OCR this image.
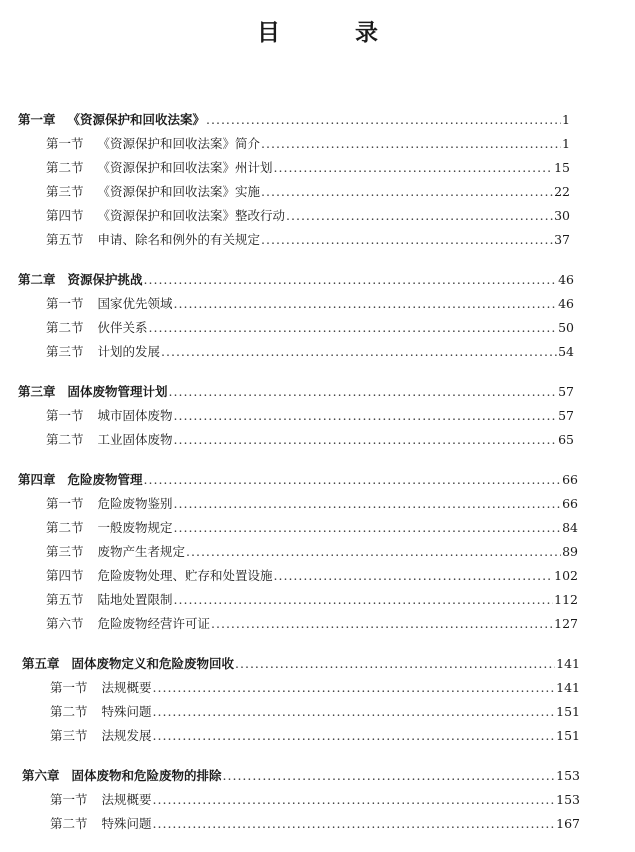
目　录
第一章 《资源保护和回收法案》 .....	1
第一节 《资源保护和回收法案》简介 .....	1
第二节 《资源保护和回收法案》州计划 .....	15
第三节 《资源保护和回收法案》实施 .....	22
第四节 《资源保护和回收法案》整改行动 .....	30
第五节 申请、除名和例外的有关规定 .....	37
第二章 资源保护挑战 .....	46
第一节 国家优先领域 .....	46
第二节 伙伴关系 .....	50
第三节 计划的发展 .....	54
第三章 固体废物管理计划 .....	57
第一节 城市固体废物 .....	57
第二节 工业固体废物 .....	65
第四章 危险废物管理 .....	66
第一节 危险废物鉴别 .....	66
第二节 一般废物规定 .....	84
第三节 废物产生者规定 .....	89
第四节 危险废物处理、贮存和处置设施 .....	102
第五节 陆地处置限制 .....	112
第六节 危险废物经营许可证 .....	127
第五章 固体废物定义和危险废物回收 .....	141
第一节 法规概要 .....	141
第二节 特殊问题 .....	151
第三节 法规发展 .....	151
第六章 固体废物和危险废物的排除 .....	153
第一节 法规概要 .....	153
第二节 特殊问题 .....	167
